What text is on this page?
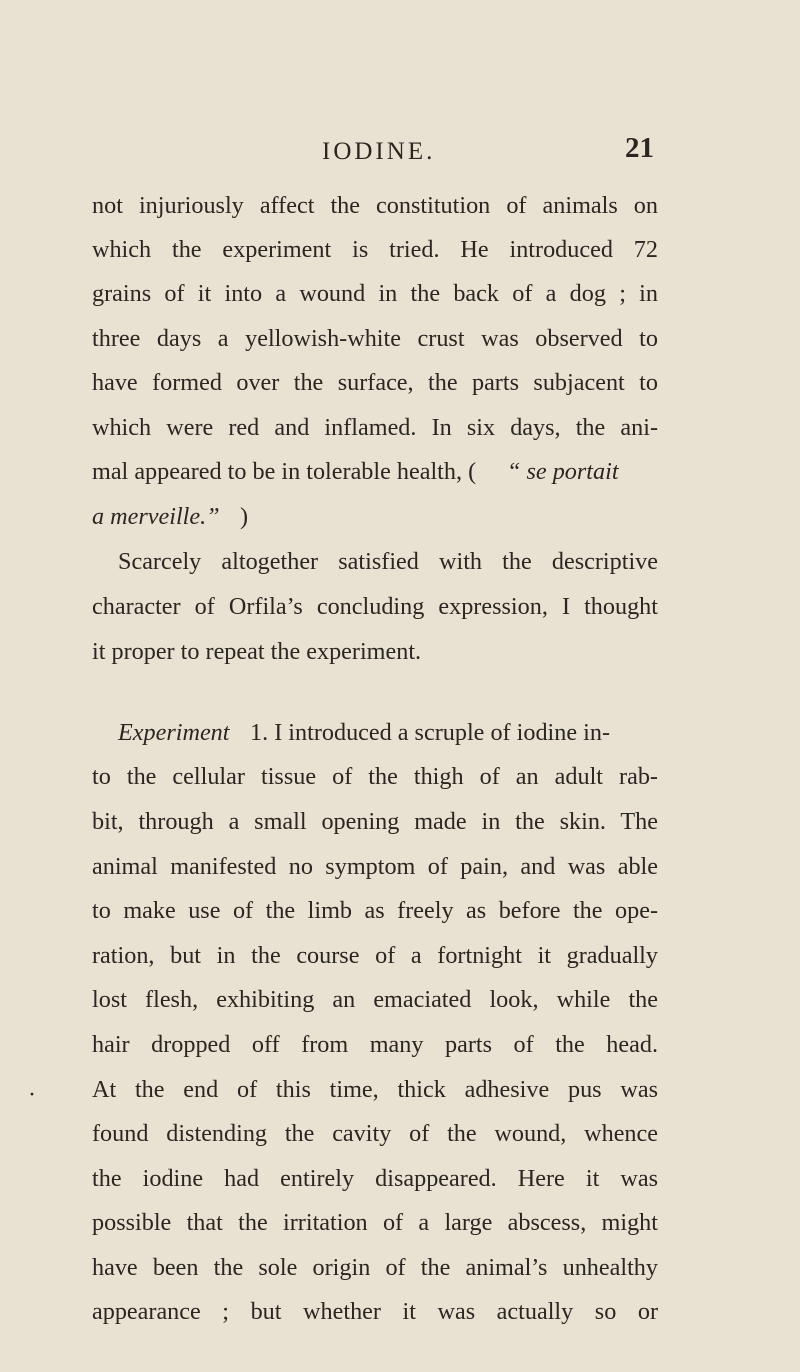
IODINE.	21
not injuriously affect the constitution of animals on
which the experiment is tried. He introduced 72
grains of it into a wound in the back of a dog ; in
three days a yellowish-white crust was observed to
have formed over the surface, the parts subjacent to
which were red and inflamed. In six days, the ani-
mal appeared to be in tolerable health, ( “ se portait
a merveille.” )
Scarcely altogether satisfied with the descriptive
character of Orfila’s concluding expression, I thought
it proper to repeat the experiment.
Experiment 1. I introduced a scruple of iodine in-
to the cellular tissue of the thigh of an adult rab-
bit, through a small opening made in the skin. The
animal manifested no symptom of pain, and was able
to make use of the limb as freely as before the ope-
ration, but in the course of a fortnight it gradually
lost flesh, exhibiting an emaciated look, while the
hair dropped off from many parts of the head.
At the end of this time, thick adhesive pus was
found distending the cavity of the wound, whence
the iodine had entirely disappeared. Here it was
possible that the irritation of a large abscess, might
have been the sole origin of the animal’s unhealthy
appearance ; but whether it was actually so or
·
